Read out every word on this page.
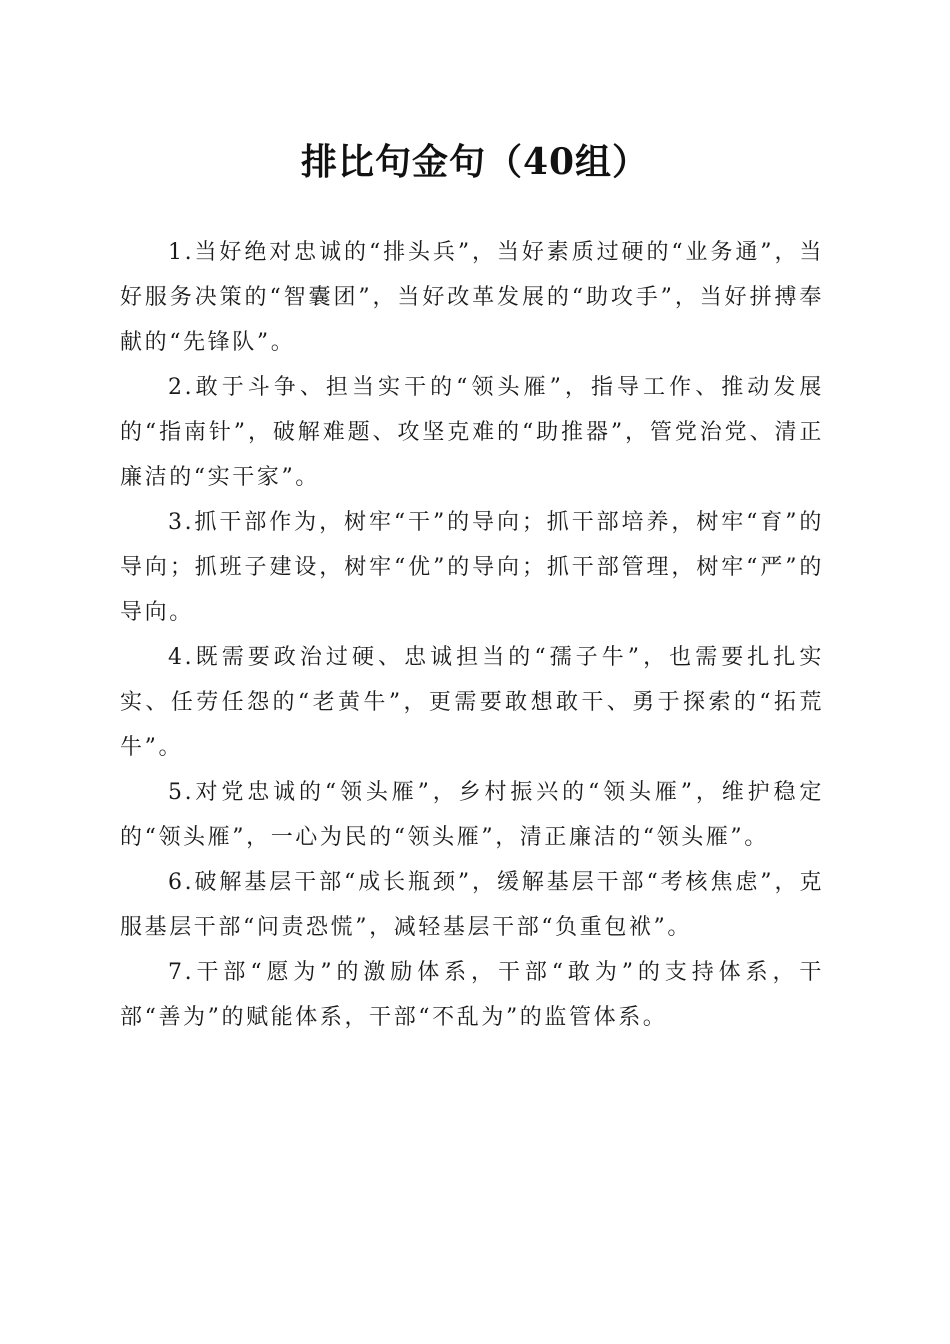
排比句金句（40组）

1.当好绝对忠诚的“排头兵”，当好素质过硬的“业务通”，当好服务决策的“智囊团”，当好改革发展的“助攻手”，当好拼搏奉献的“先锋队”。

2.敢于斗争、担当实干的“领头雁”，指导工作、推动发展的“指南针”，破解难题、攻坚克难的“助推器”，管党治党、清正廉洁的“实干家”。

3.抓干部作为，树牢“干”的导向；抓干部培养，树牢“育”的导向；抓班子建设，树牢“优”的导向；抓干部管理，树牢“严”的导向。

4.既需要政治过硬、忠诚担当的“孺子牛”，也需要扎扎实实、任劳任怨的“老黄牛”，更需要敢想敢干、勇于探索的“拓荒牛”。

5.对党忠诚的“领头雁”，乡村振兴的“领头雁”，维护稳定的“领头雁”，一心为民的“领头雁”，清正廉洁的“领头雁”。

6.破解基层干部“成长瓶颈”，缓解基层干部“考核焦虑”，克服基层干部“问责恐慌”，减轻基层干部“负重包袱”。

7.干部“愿为”的激励体系，干部“敢为”的支持体系，干部“善为”的赋能体系，干部“不乱为”的监管体系。
